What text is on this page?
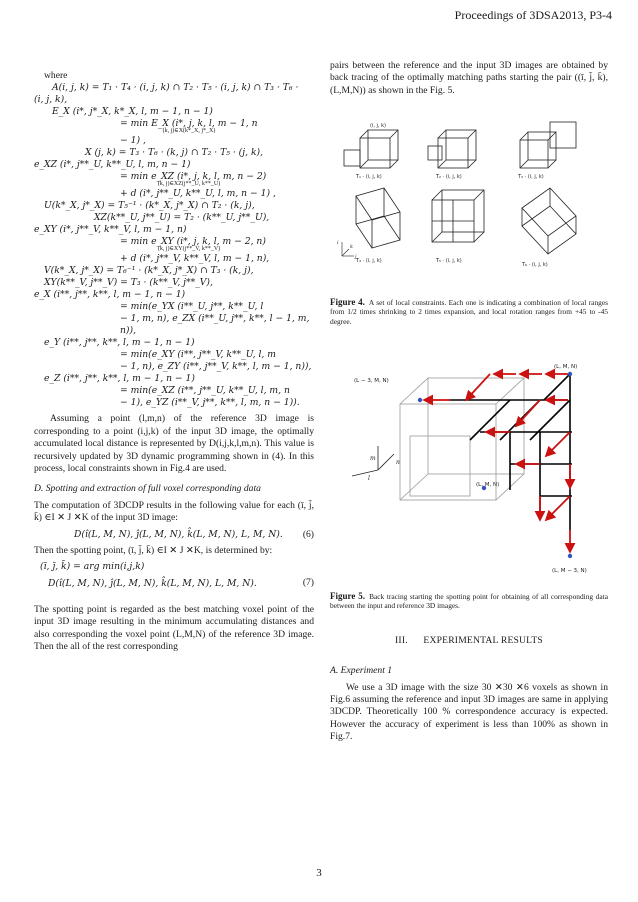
Proceedings of 3DSA2013, P3-4
where

A(i, j, k) = T₁ · T₄ · (i, j, k) ∩ T₂ · T₅ · (i, j, k) ∩ T₃ · T₆ ·

(i, j, k),

E_X (i*, j*_X, k*_X, l, m − 1, n − 1)

= min E_X (i*, j, k, l, m − 1, n

(k, j)∈X(k*_X, j*_X)

− 1) ,

X (j, k) = T₃ · T₆ · (k, j) ∩ T₂ · T₅ · (j, k),

e_XZ (i*, j**_U, k**_U, l, m, n − 1)

= min e_XZ (i*, j, k, l, m, n − 2)

(k, j)∈XZ(j**_U, k**_U)

+ d (i*, j**_U, k**_U, l, m, n − 1) ,

U(k*_X, j*_X) = T₅⁻¹ · (k*_X, j*_X) ∩ T₂ · (k, j),

XZ(k**_U, j**_U) = T₂ · (k**_U, j**_U),

e_XY (i*, j**_V, k**_V, l, m − 1, n)

= min e_XY (i*, j, k, l, m − 2, n)

(k, j)∈XY(j**_V, k**_V)

+ d (i*, j**_V, k**_V, l, m − 1, n),

V(k*_X, j*_X) = T₆⁻¹ · (k*_X, j*_X) ∩ T₃ · (k, j),

XY(k**_V, j**_V) = T₃ · (k**_V, j**_V),

e_X (i**, j**, k**, l, m − 1, n − 1)

= min(e_YX (i**_U, j**, k**_U, l

− 1, m, n), e_ZX (i**_U, j**, k**, l − 1, m, n)),

e_Y (i**, j**, k**, l, m − 1, n − 1)

= min(e_XY (i**, j**_V, k**_U, l, m

− 1, n), e_ZY (i**, j**_V, k**, l, m − 1, n)),

e_Z (i**, j**, k**, l, m − 1, n − 1)

= min(e_XZ (i**, j**_U, k**_U, l, m, n

− 1), e_YZ (i**_V, j**, k**, l, m, n − 1)).

Assuming a point (l,m,n) of the reference 3D image is corresponding to a point (i,j,k) of the input 3D image, the optimally accumulated local distance is represented by D(i,j,k,l,m,n). This value is recursively updated by 3D dynamic programming shown in (4). In this process, local constraints shown in Fig.4 are used.

D. Spotting and extraction of full voxel corresponding data

The computation of 3DCDP results in the following value for each (ī, j̄, k̄) ∈I ✕ J ✕K of the input 3D image:

D(î(L, M, N), ĵ(L, M, N), k̂(L, M, N), L, M, N). (6)

Then the spotting point, (ī, j̄, k̄) ∈I ✕ J ✕K, is determined by:

(ī, j̄, k̄) = arg min(i,j,k)

D(î(L, M, N), ĵ(L, M, N), k̂(L, M, N), L, M, N).	(7)

The spotting point is regarded as the best matching voxel point of the input 3D image resulting in the minimum accumulating distances and also corresponding the voxel point (L,M,N) of the reference 3D image. Then the all of the rest corresponding

pairs between the reference and the input 3D images are obtained by back tracing of the optimally matching paths starting the pair ((ī, j̄, k̄), (L,M,N)) as shown in the Fig. 5.

(i, j, k)
T₁ · (i, j, k)	T₂ · (i, j, k)	T₃ · (i, j, k)
T₄ · (i, j, k)	T₅ · (i, j, k)
T₆ · (i, j, k)
i
j
k

Figure 4. A set of local constraints. Each one is indicating a combination of local ranges from 1/2 times shrinking to 2 times expansion, and local rotation ranges from +45 to -45 degree.

(L, M, N)
(L − 3, M, N)
(L, M, N)
(L, M − 3, N)
m
n
l

Figure 5. Back tracing starting the spotting point for obtaining of all corresponding data between the input and reference 3D images.

III. EXPERIMENTAL RESULTS
A. Experiment 1

We use a 3D image with the size 30 ✕30 ✕6 voxels as shown in Fig.6 assuming the reference and input 3D images are same in applying 3DCDP. Theoretically 100 % correspondence accuracy is expected. However the accuracy of experiment is less than 100% as shown in Fig.7.

3
